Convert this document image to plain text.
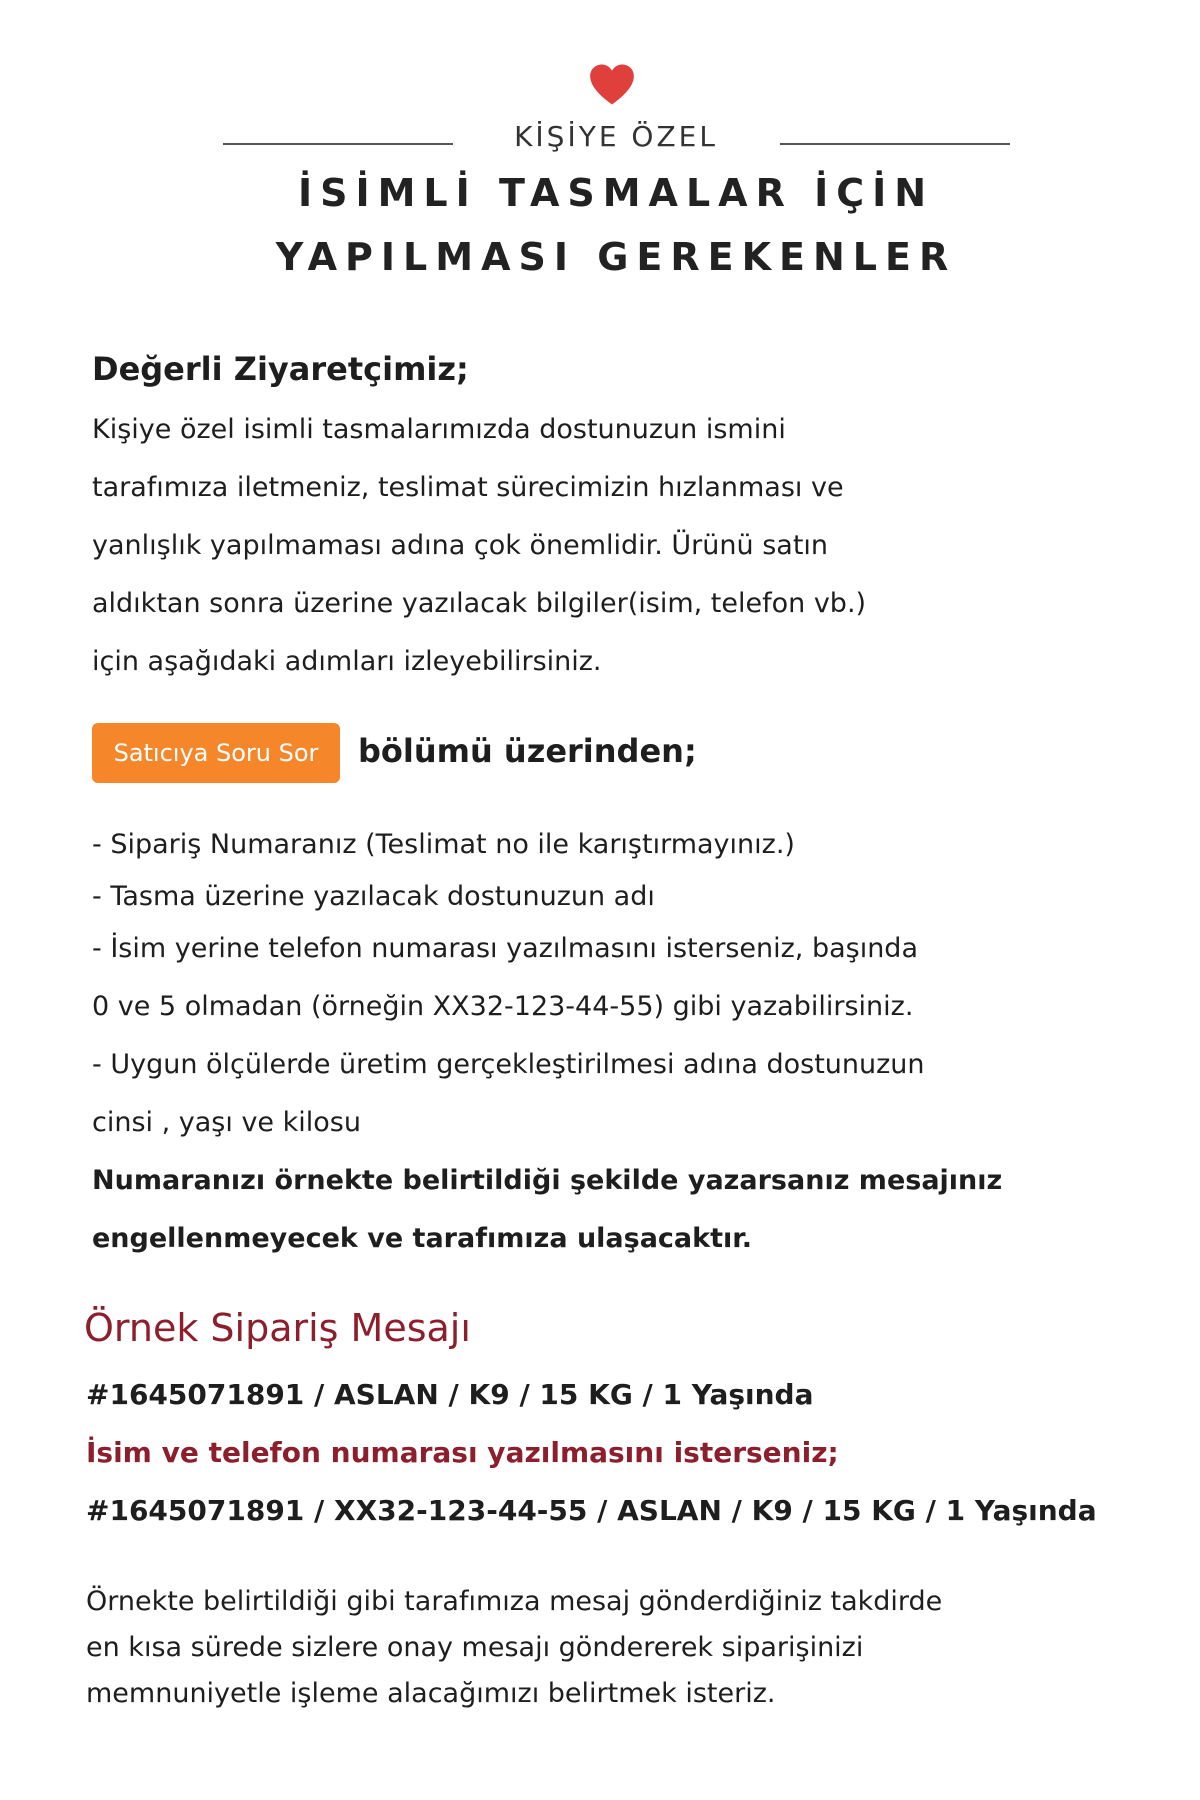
KİŞİYE ÖZEL
İSİMLİ TASMALAR İÇİN
YAPILMASI GEREKENLER
Değerli Ziyaretçimiz;
Kişiye özel isimli tasmalarımızda dostunuzun ismini
tarafımıza iletmeniz, teslimat sürecimizin hızlanması ve
yanlışlık yapılmaması adına çok önemlidir. Ürünü satın
aldıktan sonra üzerine yazılacak bilgiler(isim, telefon vb.)
için aşağıdaki adımları izleyebilirsiniz.
Satıcıya Soru Sor	bölümü üzerinden;
- Sipariş Numaranız (Teslimat no ile karıştırmayınız.)
- Tasma üzerine yazılacak dostunuzun adı
- İsim yerine telefon numarası yazılmasını isterseniz, başında
0 ve 5 olmadan (örneğin XX32-123-44-55) gibi yazabilirsiniz.
- Uygun ölçülerde üretim gerçekleştirilmesi adına dostunuzun
cinsi , yaşı ve kilosu
Numaranızı örnekte belirtildiği şekilde yazarsanız mesajınız
engellenmeyecek ve tarafımıza ulaşacaktır.
Örnek Sipariş Mesajı
#1645071891 / ASLAN / K9 / 15 KG / 1 Yaşında
İsim ve telefon numarası yazılmasını isterseniz;
#1645071891 / XX32-123-44-55 / ASLAN / K9 / 15 KG / 1 Yaşında
Örnekte belirtildiği gibi tarafımıza mesaj gönderdiğiniz takdirde
en kısa sürede sizlere onay mesajı göndererek siparişinizi
memnuniyetle işleme alacağımızı belirtmek isteriz.
